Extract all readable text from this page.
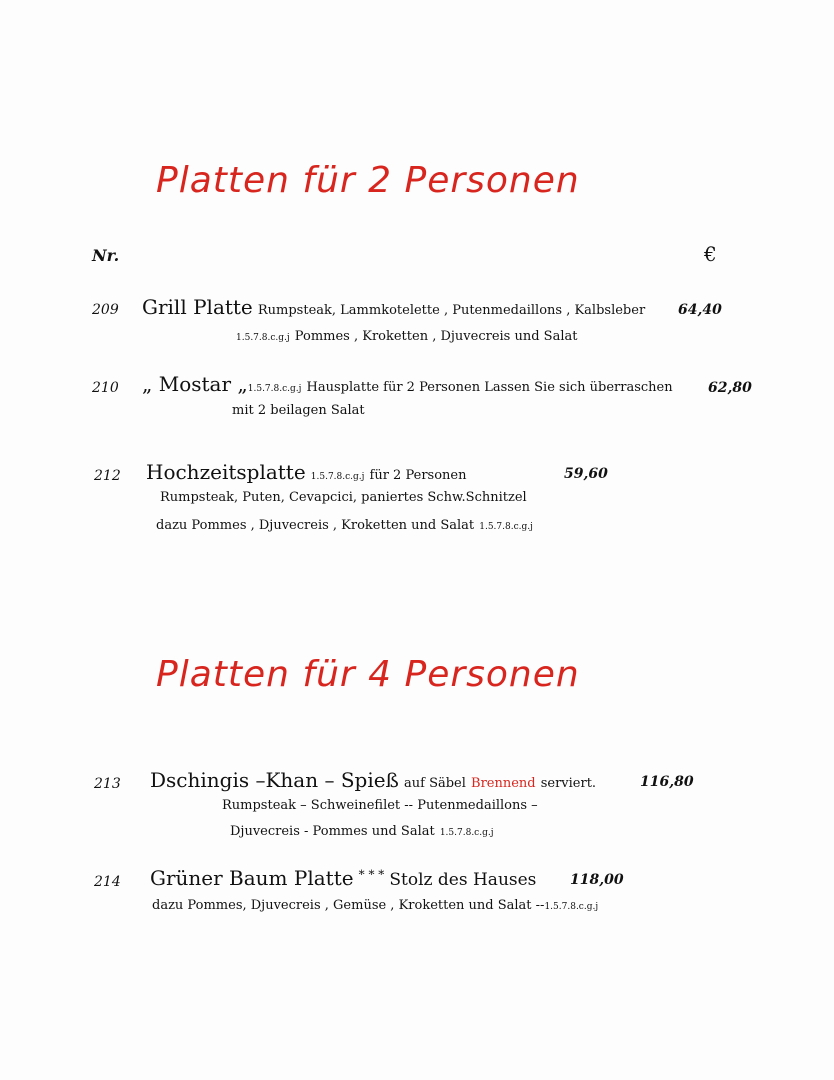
Platten für 2 Personen
Nr.	€
209 Grill Platte Rumpsteak, Lammkotelette , Putenmedaillons , Kalbsleber 64,40
1.5.7.8.c.g.j Pommes , Kroketten , Djuvecreis und Salat
210 „ Mostar „1.5.7.8.c.g.j Hausplatte für 2 Personen Lassen Sie sich überraschen	62,80
mit 2 beilagen Salat
212 Hochzeitsplatte 1.5.7.8.c.g.j für 2 Personen	59,60
Rumpsteak, Puten, Cevapcici, paniertes Schw.Schnitzel
dazu Pommes , Djuvecreis , Kroketten und Salat 1.5.7.8.c.g.j
Platten für 4 Personen
213 Dschingis –Khan – Spieß auf Säbel Brennend serviert.	116,80
Rumpsteak – Schweinefilet -- Putenmedaillons –
Djuvecreis - Pommes und Salat 1.5.7.8.c.g.j
214 Grüner Baum Platte * * * Stolz des Hauses 118,00
dazu Pommes, Djuvecreis , Gemüse , Kroketten und Salat --1.5.7.8.c.g.j
